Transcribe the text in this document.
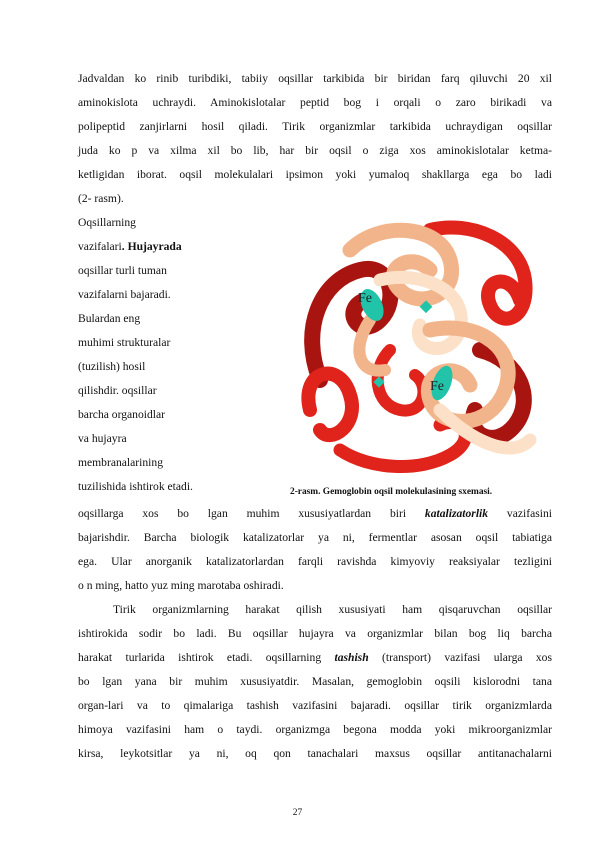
Jadvaldan ko rinib turibdiki, tabiiy oqsillar tarkibida bir biridan farq qiluvchi 20 xil
aminokislota uchraydi. Aminokislotalar peptid bog i orqali o zaro birikadi va
polipeptid zanjirlarni hosil qiladi. Tirik organizmlar tarkibida uchraydigan oqsillar
juda ko p va xilma xil bo lib, har bir oqsil o ziga xos aminokislotalar ketma-
ketligidan iborat. oqsil molekulalari ipsimon yoki yumaloq shakllarga ega bo ladi
(2- rasm).
Oqsillarning
vazifalari. Hujayrada
oqsillar turli tuman
vazifalarni bajaradi.
Bulardan eng
muhimi strukturalar
(tuzilish) hosil
qilishdir. oqsillar
barcha organoidlar
va hujayra
membranalarining
tuzilishida ishtirok etadi.
Fe
Fe
2-rasm. Gemoglobin oqsil molekulasining sxemasi.
oqsillarga xos bo lgan muhim xususiyatlardan biri katalizatorlik vazifasini
bajarishdir. Barcha biologik katalizatorlar ya ni, fermentlar asosan oqsil tabiatiga
ega. Ular anorganik katalizatorlardan farqli ravishda kimyoviy reaksiyalar tezligini
o n ming, hatto yuz ming marotaba oshiradi.
Tirik organizmlarning harakat qilish xususiyati ham qisqaruvchan oqsillar
ishtirokida sodir bo ladi. Bu oqsillar hujayra va organizmlar bilan bog liq barcha
harakat turlarida ishtirok etadi. oqsillarning tashish (transport) vazifasi ularga xos
bo lgan yana bir muhim xususiyatdir. Masalan, gemoglobin oqsili kislorodni tana
organ-lari va to qimalariga tashish vazifasini bajaradi. oqsillar tirik organizmlarda
himoya vazifasini ham o taydi. organizmga begona modda yoki mikroorganizmlar
kirsa, leykotsitlar ya ni, oq qon tanachalari maxsus oqsillar antitanachalarni
27
